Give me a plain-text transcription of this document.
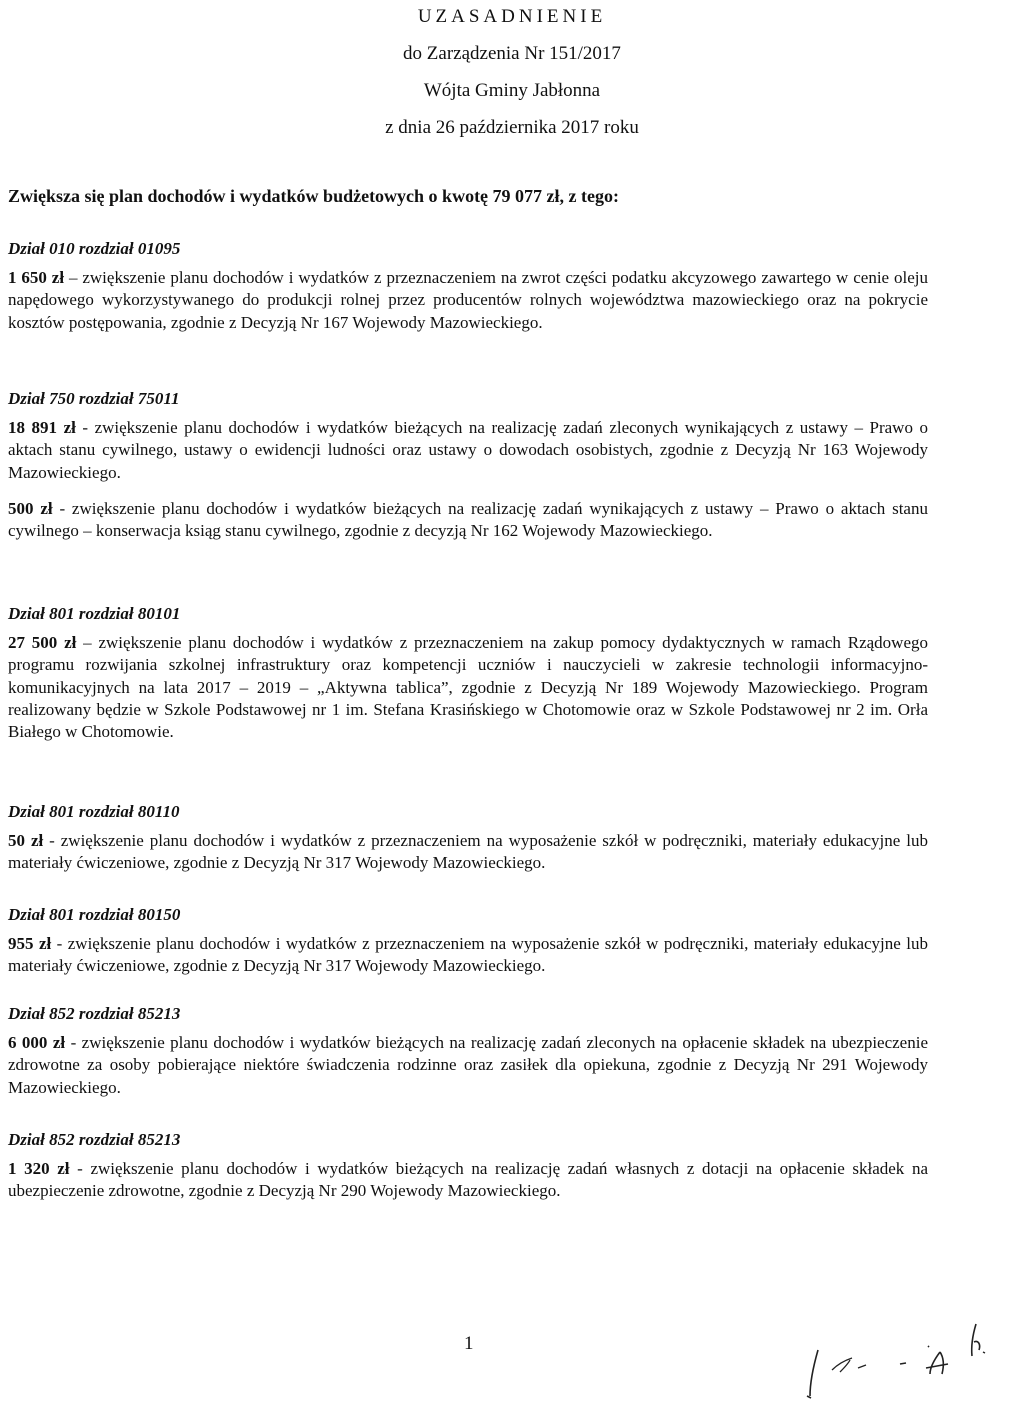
UZASADNIENIE
do Zarządzenia Nr 151/2017
Wójta Gminy Jabłonna
z dnia 26 października 2017 roku
Zwiększa się plan dochodów i wydatków budżetowych o kwotę 79 077 zł, z tego:
Dział 010 rozdział 01095
1 650 zł – zwiększenie planu dochodów i wydatków z przeznaczeniem na zwrot części podatku akcyzowego zawartego w cenie oleju napędowego wykorzystywanego do produkcji rolnej przez producentów rolnych województwa mazowieckiego oraz na pokrycie kosztów postępowania, zgodnie z Decyzją Nr 167 Wojewody Mazowieckiego.
Dział 750 rozdział 75011
18 891 zł - zwiększenie planu dochodów i wydatków bieżących na realizację zadań zleconych wynikających z ustawy – Prawo o aktach stanu cywilnego, ustawy o ewidencji ludności oraz ustawy o dowodach osobistych, zgodnie z Decyzją Nr 163 Wojewody Mazowieckiego.
500 zł - zwiększenie planu dochodów i wydatków bieżących na realizację zadań wynikających z ustawy – Prawo o aktach stanu cywilnego – konserwacja ksiąg stanu cywilnego, zgodnie z decyzją Nr 162 Wojewody Mazowieckiego.
Dział 801 rozdział 80101
27 500 zł – zwiększenie planu dochodów i wydatków z przeznaczeniem na zakup pomocy dydaktycznych w ramach Rządowego programu rozwijania szkolnej infrastruktury oraz kompetencji uczniów i nauczycieli w zakresie technologii informacyjno-komunikacyjnych na lata 2017 – 2019 – „Aktywna tablica”, zgodnie z Decyzją Nr 189 Wojewody Mazowieckiego. Program realizowany będzie w Szkole Podstawowej nr 1 im. Stefana Krasińskiego w Chotomowie oraz w Szkole Podstawowej nr 2 im. Orła Białego w Chotomowie.
Dział 801 rozdział 80110
50 zł - zwiększenie planu dochodów i wydatków z przeznaczeniem na wyposażenie szkół w podręczniki, materiały edukacyjne lub materiały ćwiczeniowe, zgodnie z Decyzją Nr 317 Wojewody Mazowieckiego.
Dział 801 rozdział 80150
955 zł - zwiększenie planu dochodów i wydatków z przeznaczeniem na wyposażenie szkół w podręczniki, materiały edukacyjne lub materiały ćwiczeniowe, zgodnie z Decyzją Nr 317 Wojewody Mazowieckiego.
Dział 852 rozdział 85213
6 000 zł - zwiększenie planu dochodów i wydatków bieżących na realizację zadań zleconych na opłacenie składek na ubezpieczenie zdrowotne za osoby pobierające niektóre świadczenia rodzinne oraz zasiłek dla opiekuna, zgodnie z Decyzją Nr 291 Wojewody Mazowieckiego.
Dział 852 rozdział 85213
1 320 zł - zwiększenie planu dochodów i wydatków bieżących na realizację zadań własnych z dotacji na opłacenie składek na ubezpieczenie zdrowotne, zgodnie z Decyzją Nr 290 Wojewody Mazowieckiego.
1
